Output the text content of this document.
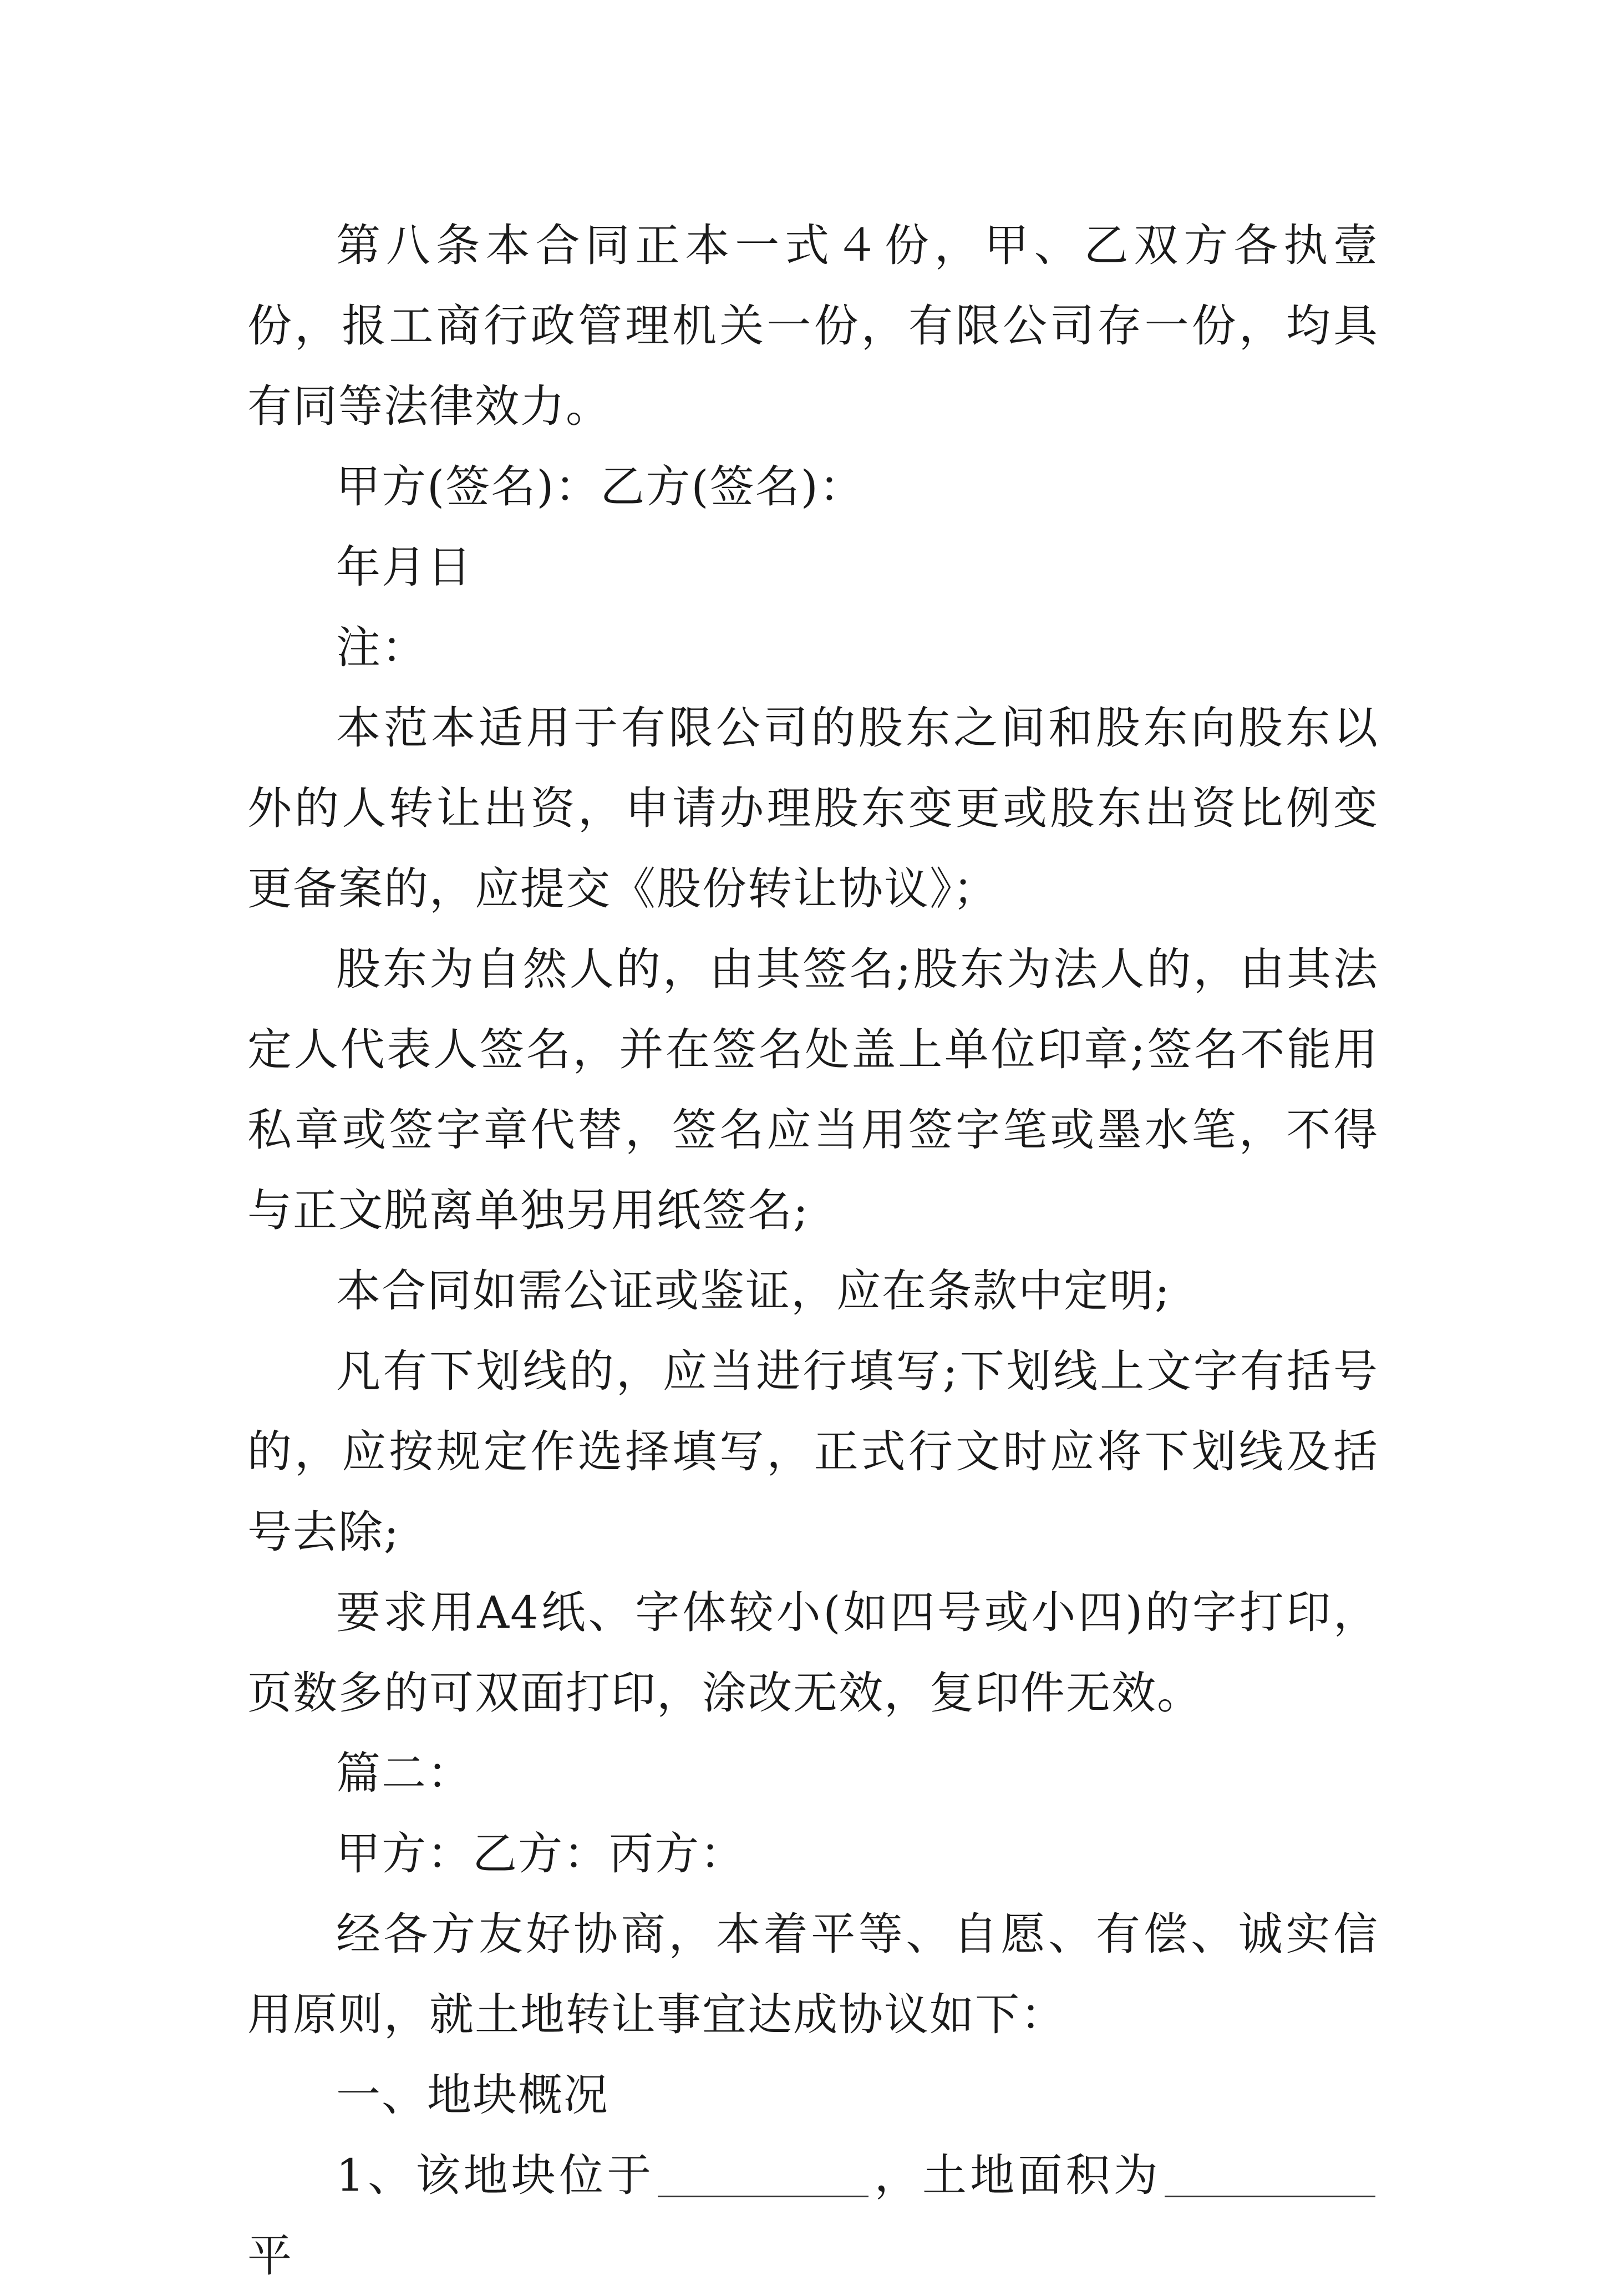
第八条本合同正本一式４份，甲、乙双方各执壹份，报工商行政管理机关一份，有限公司存一份，均具有同等法律效力。

甲方(签名)：乙方(签名)：

年月日

注：

本范本适用于有限公司的股东之间和股东向股东以外的人转让出资，申请办理股东变更或股东出资比例变更备案的，应提交《股份转让协议》；

股东为自然人的，由其签名;股东为法人的，由其法定人代表人签名，并在签名处盖上单位印章;签名不能用私章或签字章代替，签名应当用签字笔或墨水笔，不得与正文脱离单独另用纸签名;

本合同如需公证或鉴证，应在条款中定明;

凡有下划线的，应当进行填写;下划线上文字有括号的，应按规定作选择填写，正式行文时应将下划线及括号去除;

要求用A4纸、字体较小(如四号或小四)的字打印，页数多的可双面打印，涂改无效，复印件无效。

篇二：

甲方：乙方：丙方：

经各方友好协商，本着平等、自愿、有偿、诚实信用原则，就土地转让事宜达成协议如下：

一、地块概况

1、该地块位于	，土地面积为平
